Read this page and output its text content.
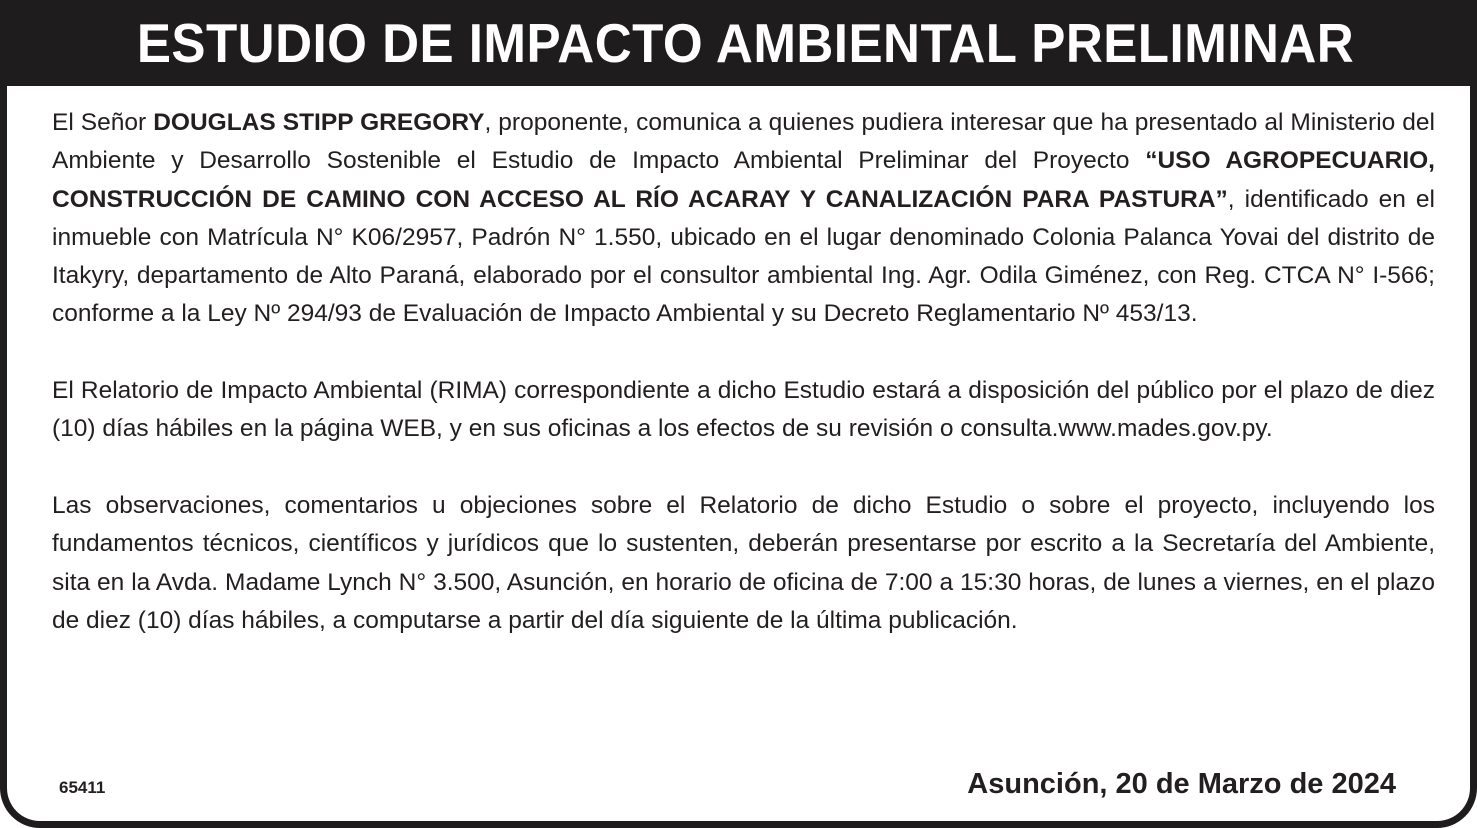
ESTUDIO DE IMPACTO AMBIENTAL PRELIMINAR

El Señor DOUGLAS STIPP GREGORY, proponente, comunica a quienes pudiera interesar que ha presentado al Ministerio del Ambiente y Desarrollo Sostenible el Estudio de Impacto Ambiental Preliminar del Proyecto “USO AGROPECUARIO, CONSTRUCCIÓN DE CAMINO CON ACCESO AL RÍO ACARAY Y CANALIZACIÓN PARA PASTURA”, identificado en el inmueble con Matrícula N° K06/2957, Padrón N° 1.550, ubicado en el lugar denominado Colonia Palanca Yovai del distrito de Itakyry, departamento de Alto Paraná, elaborado por el consultor ambiental Ing. Agr. Odila Giménez, con Reg. CTCA N° I-566; conforme a la Ley Nº 294/93 de Evaluación de Impacto Ambiental y su Decreto Reglamentario Nº 453/13.

El Relatorio de Impacto Ambiental (RIMA) correspondiente a dicho Estudio estará a disposición del público por el plazo de diez (10) días hábiles en la página WEB, y en sus oficinas a los efectos de su revisión o consulta.www.mades.gov.py.

Las observaciones, comentarios u objeciones sobre el Relatorio de dicho Estudio o sobre el proyecto, incluyendo los fundamentos técnicos, científicos y jurídicos que lo sustenten, deberán presentarse por escrito a la Secretaría del Ambiente, sita en la Avda. Madame Lynch N° 3.500, Asunción, en horario de oficina de 7:00 a 15:30 horas, de lunes a viernes, en el plazo de diez (10) días hábiles, a computarse a partir del día siguiente de la última publicación.

65411	Asunción, 20 de Marzo de 2024
